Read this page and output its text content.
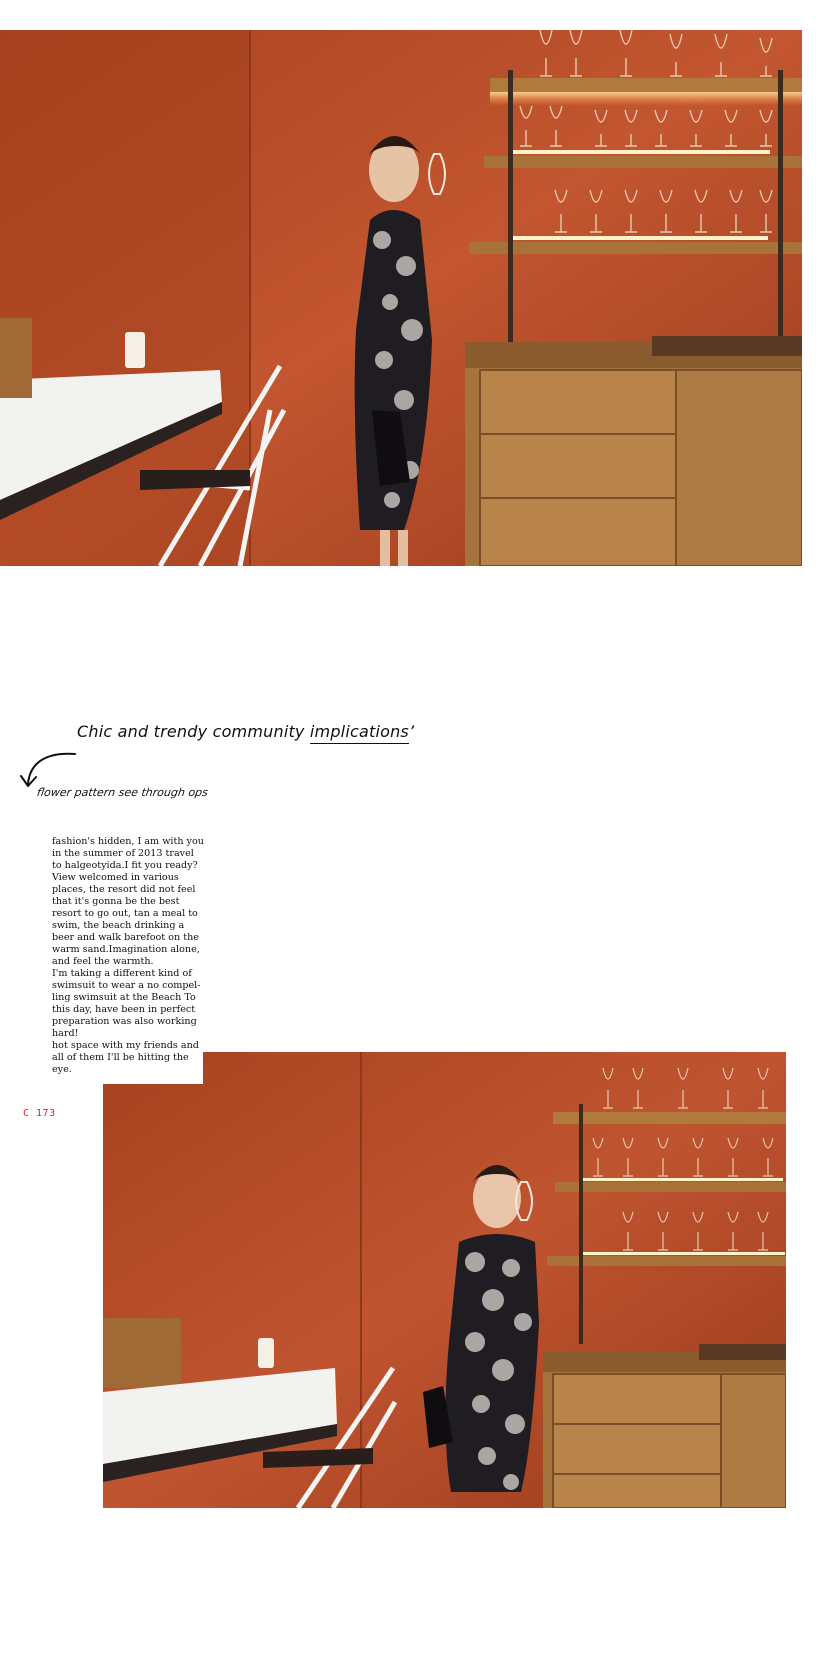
Chic and trendy community implications’
flower pattern see through ops

fashion's hidden, I am with you in the summer of 2013 travel to halgeotyida.I fit you ready?View welcomed in various places, the resort did not feel that it's gonna be the best resort to go out, tan a meal to swim, the beach drinking a beer and walk barefoot on the warm sand.Imagination alone, and feel the warmth.

I'm taking a different kind of swimsuit to wear a no compel-ling swimsuit at the Beach To this day, have been in perfect preparation was also working hard!

hot space with my friends and all of them I'll be hitting the eye.

C 173
